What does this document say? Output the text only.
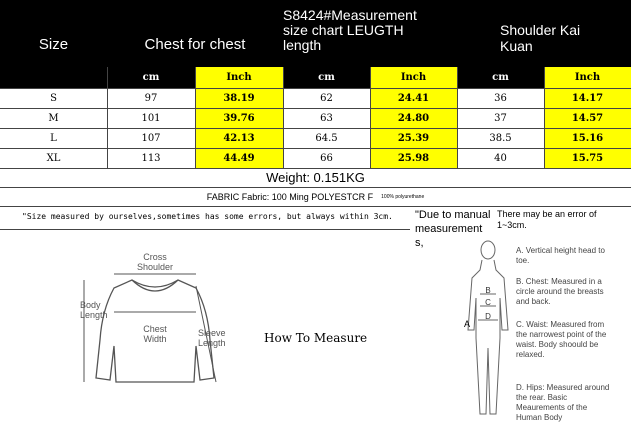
Size	Chest for chest
S8424#Measurement size chart LEUGTH length
Shoulder Kai Kuan
cm	Inch	cm	Inch	cm	Inch
S	97	38.19	62	24.41	36	14.17
M	101	39.76	63	24.80	37	14.57
L	107	42.13	64.5	25.39	38.5	15.16
XL	113	44.49	66	25.98	40	15.75
Weight: 0.151KG
FABRIC Fabric: 100 Ming POLYESTCR F 100% polyurethane
"Size measured by ourselves,sometimes has some errors, but always within 3cm.	"Due to manual measurement s,
There may be an error of 1~3cm.
Cross
Shoulder
Body
Length
Chest
Width
Sleeve
Length	How To Measure
B
C
D
A
A. Vertical height head to toe.
B. Chest: Measured in a circle around the breasts and back.
C. Waist: Measured from the narrowest point of the waist. Body shoould be relaxed.
D. Hips: Measured around the rear. Basic Meaurements of the Human Body
